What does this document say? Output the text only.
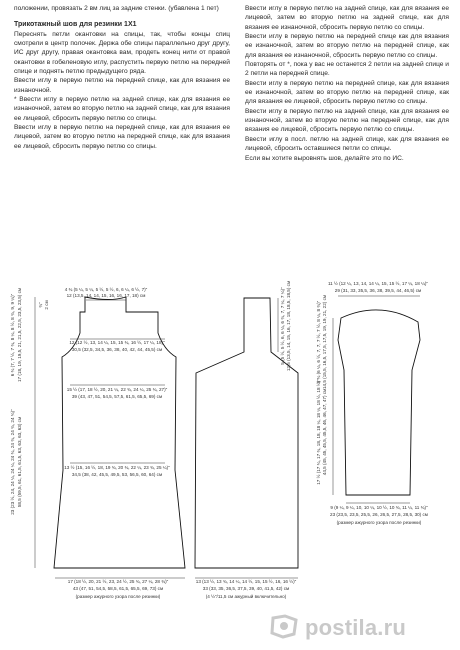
положении, провязать 2 вм лиц за задние стенки. (убавлена 1 пет)

Трикотажный шов для резинки 1Х1

Переснять петли окантовки на спицы, так, чтобы концы спиц смотрели в центр полочек. Держа обе спицы параллельно друг другу, ИС друг другу, правая окантовка вам, продеть конец нити от правой окантовки в гобеленовую иглу, распустить первую петлю на передней спице и поднять петлю предыдущего ряда.

Ввести иглу в первую петлю на передней спице, как для вязания ее изнаночной.

* Ввести иглу в первую петлю на задней спице, как для вязания ее изнаночной, затем во вторую петлю на задней спице, как для вязания ее лицевой, сбросить первую петлю со спицы.

Ввести иглу в первую петлю на передней спице, как для вязания ее лицевой, затем во вторую петлю на передней спице, как для вязания ее лицевой, сбросить первую петлю со спицы.

Ввести иглу в первую петлю на задней спице, как для вязания ее лицевой, затем во вторую петлю на задней спице, как для вязания ее изнаночной, сбросить первую петлю со спицы.

Ввести иглу в первую петлю на передней спице как для вязания ее изнаночной, затем во вторую петлю на передней спице, как для вязания ее изнаночной, сбросить первую петлю со спицы.

Повторять от *, пока у вас не останется 2 петли на задней спице и 2 петли на передней спице.

Ввести иглу в первую петлю на передней спице, как для вязания ее изнаночной, затем во вторую петлю на передней спице, как для вязания ее лицевой, сбросить первую петлю со спицы.

Ввести иглу в первую петлю на задней спице, как для вязания ее изнаночной, затем во вторую петлю на передней спице, как для вязания ее лицевой, сбросить первую петлю со спицы.

Ввести иглу в посл. петлю на задней спице, как для вязания ее лицевой, сбросить оставшиеся петли со спицы.

Если вы хотите выровнять шов, делайте это по ИС.

4 ¾ (5 ¼, 5 ¼, 5 ½, 5 ½, 6, 6 ¼, 6 ½, 7)"
12 (13,5, 14, 14, 15, 16, 16, 17, 18) см
12 (12 ½, 13, 14 ¼, 15, 15 ¾, 16 ½, 17 ¼, 18)"
30,5 (32,5, 34,5, 36, 38, 40, 42, 44, 45,5) см
15 ½ (17, 18 ½, 20, 21 ¼, 22 ¾, 24 ¼, 25 ¾, 27)"
39 (43, 47, 51, 54,5, 57,5, 61,5, 65,5, 69) см
13 ½ (15, 16 ½, 18, 19 ¾, 20 ¾, 22 ¼, 23 ¾, 25 ¼)"
34,5 (38, 42, 45,5, 49,5, 53, 56,5, 60, 64) см
17 (18 ½, 20, 21 ½, 23, 24 ½, 25 ¾, 27 ¼, 28 ¾)"
43 (47, 51, 54,5, 58,5, 61,5, 65,5, 69, 73) см
(размер ажурного узора после резинки)
¾" 2 см
6 ¾ (7, 7 ½, 7 ¾, 8 ¼, 8 ½, 8 ¾, 9, 9 ¼)" 17 (18, 19, 19,5, 21, 21,5, 22,5, 23,5, 23,5) см
23 (23 ½, 24, 24 ¼, 24 ¼, 24 ¾, 24 ¾, 24 ¾, 24 ¾)" 58,5 (59,5, 61, 61,5, 61,5, 63, 63, 63, 63) см
5 (5 ½, 5 ½, 6, 6 ¼, 6 ¾, 7, 7 ¼, 7 ¼)" 12,5 (13,5, 14, 15, 16, 17, 18, 18,5, 18,5) см
13 (13 ½, 13 ¾, 14 ¼, 14 ½, 15, 15 ½, 16, 16 ½)"
33 (33, 35, 36,5, 37,5, 39, 40, 41,5, 42) см
(4 ½"/11,5 см ажурный включительно)
11 ½ (12 ¼, 13, 14, 14 ¼, 15, 15 ½, 17 ¼, 18 ¼)"
29 (31, 33, 35,5, 36, 38, 39,5, 44, 46,5) см
5 ¾ (6 ¼, 6 ½, 7, 7, 7 ½, 7 ½, 8 ¼, 8 ¾)" 14,5 (15,5, 16,5, 17,5, 17,5, 19, 19, 21, 22) см
17 ½ (17 ¾, 17 ¾, 18, 18, 18 ¼, 18 ¼, 18 ½, 18 ½)" 44,5 (45, 45, 45,5, 45,5, 46, 46, 47, 47) см
9 (9 ¼, 9 ¼, 10, 10 ¼, 10 ½, 10 ¾, 11 ¼, 11 ¾)"
23 (23,5, 23,5, 25,5, 26, 26,5, 27,5, 28,5, 30) см
(размер ажурного узора после резинки)
postila.ru
